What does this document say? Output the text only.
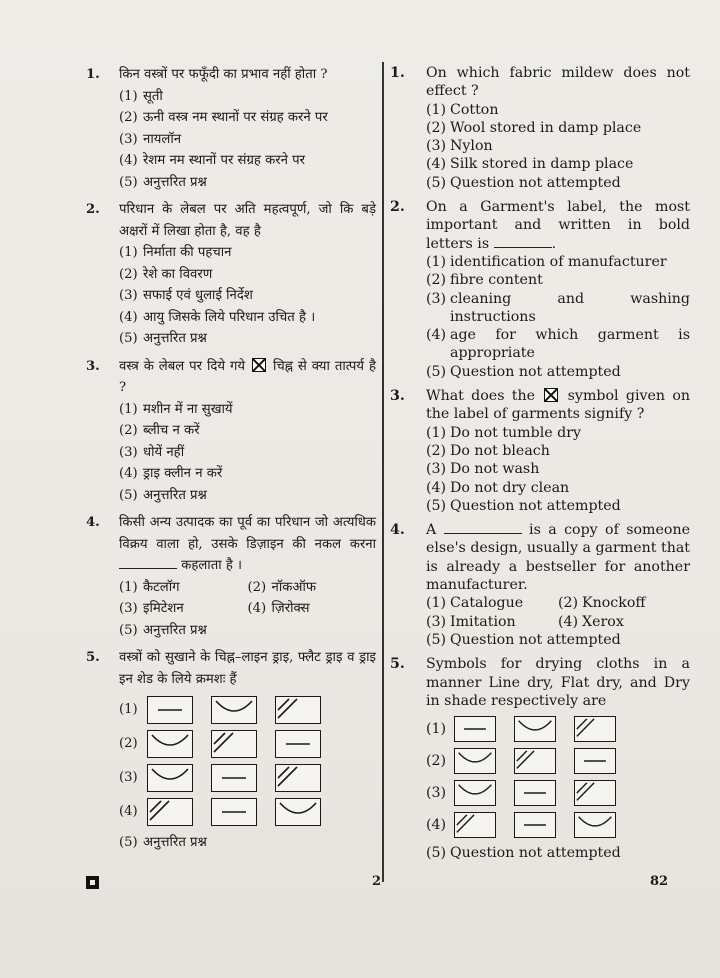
1.	किन वस्त्रों पर फफूँदी का प्रभाव नहीं होता ?
(1) सूती
(2) ऊनी वस्त्र नम स्थानों पर संग्रह करने पर
(3) नायलॉन
(4) रेशम नम स्थानों पर संग्रह करने पर
(5) अनुत्तरित प्रश्न
2.	परिधान के लेबल पर अति महत्वपूर्ण, जो कि बड़े अक्षरों में लिखा होता है, वह है
(1) निर्माता की पहचान
(2) रेशे का विवरण
(3) सफाई एवं धुलाई निर्देश
(4) आयु जिसके लिये परिधान उचित है ।
(5) अनुत्तरित प्रश्न
3.	वस्त्र के लेबल पर दिये गये चिह्न से क्या तात्पर्य है ?
(1) मशीन में ना सुखायें
(2) ब्लीच न करें
(3) धोयें नहीं
(4) ड्राइ क्लीन न करें
(5) अनुत्तरित प्रश्न
4.	किसी अन्य उत्पादक का पूर्व का परिधान जो अत्यधिक विक्रय वाला हो, उसके डिज़ाइन की नकल करना  कहलाता है ।
(1) कैटलॉग	(2) नॉकऑफ
(3) इमिटेशन	(4) ज़िरोक्स
(5) अनुत्तरित प्रश्न
5.	वस्त्रों को सुखाने के चिह्न–लाइन ड्राइ, फ्लैट ड्राइ व ड्राइ इन शेड के लिये क्रमशः हैं
(1)
(2)
(3)
(4)
(5) अनुत्तरित प्रश्न
1.	On which fabric mildew does not effect ?
(1) Cotton
(2) Wool stored in damp place
(3) Nylon
(4) Silk stored in damp place
(5) Question not attempted
2.	On a Garment's label, the most important and written in bold letters is	.
(1) identification of manufacturer
(2) fibre content
(3) cleaning and washing instructions
(4) age for which garment is appropriate
(5) Question not attempted
3.	What does the symbol given on the label of garments signify ?
(1) Do not tumble dry
(2) Do not bleach
(3) Do not wash
(4) Do not dry clean
(5) Question not attempted
4.	A	is a copy of someone else's design, usually a garment that is already a bestseller for another manufacturer.
(1) Catalogue	(2) Knockoff
(3) Imitation	(4) Xerox
(5) Question not attempted
5.	Symbols for drying cloths in a manner Line dry, Flat dry, and Dry in shade respectively are
(1)
(2)
(3)
(4)
(5) Question not attempted
2	82
